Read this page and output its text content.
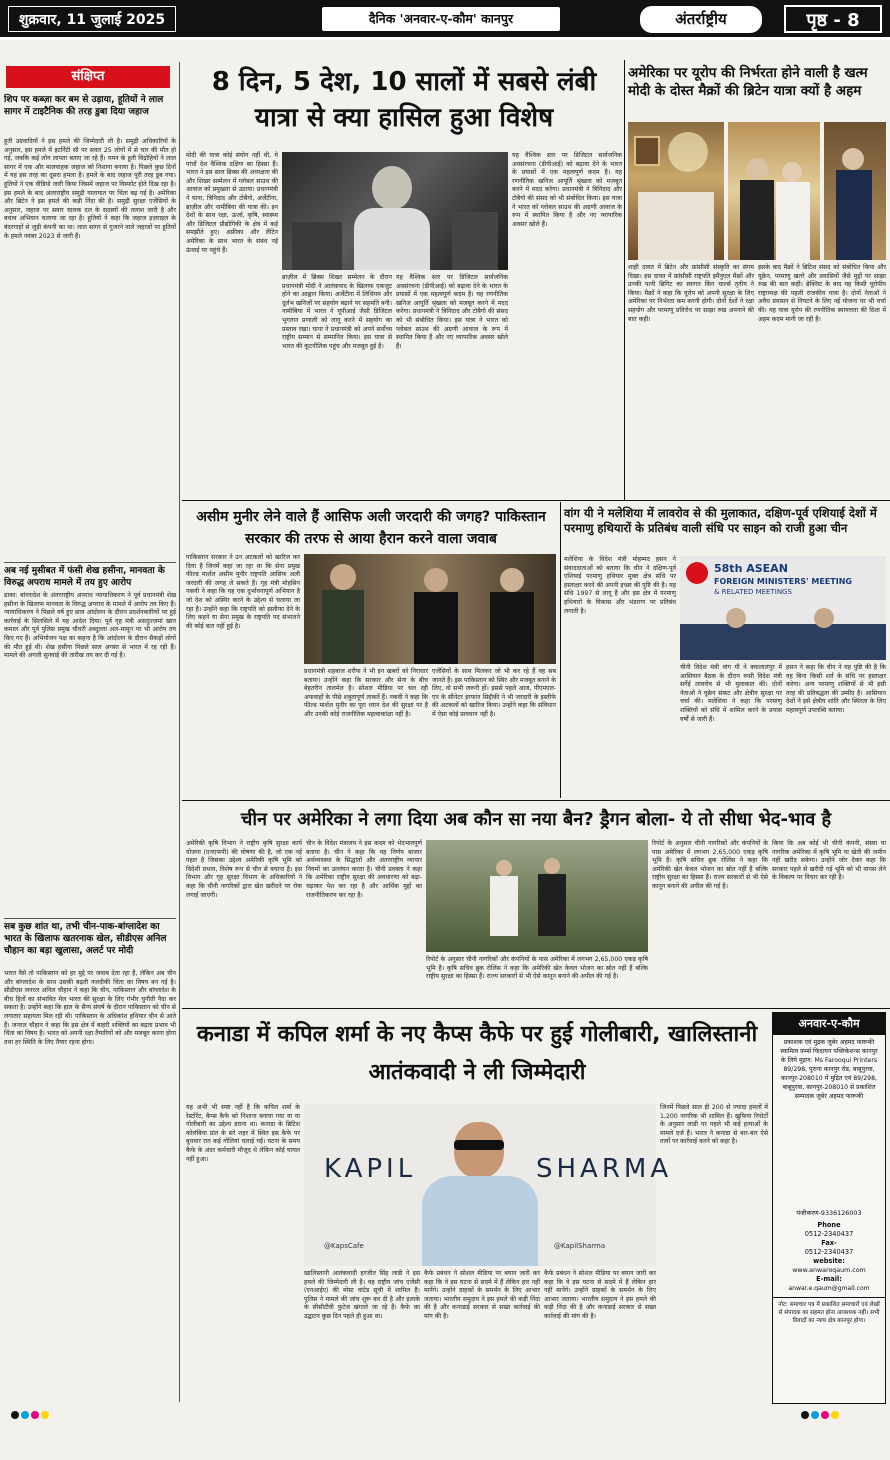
शुक्रवार, 11 जुलाई 2025	दैनिक 'अनवार-ए-कौम' कानपुर	अंतर्राष्ट्रीय	पृष्ठ - 8
संक्षिप्त
शिप पर कब्ज़ा कर बम से उड़ाया, हूतियों ने लाल सागर में टाइटैनिक की तरह डुबा दिया जहाज
हूती उग्रवादियों ने इस हमले की जिम्मेदारी ली है। समुद्री अधिकारियों के अनुसार, इस हमले में इटर्निटी सी पर सवार 25 लोगों में से चार की मौत हो गई, जबकि कई लोग लापता बताए जा रहे हैं। यमन के हूती विद्रोहियों ने लाल सागर में एक और मालवाहक जहाज को निशाना बनाया है। पिछले कुछ दिनों में यह इस तरह का दूसरा हमला है। हमले के बाद जहाज पूरी तरह डूब गया। हूतियों ने एक वीडियो जारी किया जिसमें जहाज पर विस्फोट होते दिख रहा है। इस हमले के बाद अंतरराष्ट्रीय समुद्री यातायात पर चिंता बढ़ गई है। अमेरिका और ब्रिटेन ने इस हमले की कड़ी निंदा की है। समुद्री सुरक्षा एजेंसियों के अनुसार, जहाज पर सवार चालक दल के सदस्यों की तलाश जारी है और बचाव अभियान चलाया जा रहा है। हूतियों ने कहा कि जहाज इज़राइल के बंदरगाहों से जुड़ी कंपनी का था। लाल सागर से गुजरने वाले जहाजों पर हूतियों के हमले नवंबर 2023 से जारी हैं।
अब नई मुसीबत में फंसी शेख हसीना, मानवता के विरुद्ध अपराध मामले में तय हुए आरोप
ढाका: बांग्लादेश के अंतरराष्ट्रीय अपराध न्यायाधिकरण ने पूर्व प्रधानमंत्री शेख हसीना के खिलाफ मानवता के विरुद्ध अपराध के मामले में आरोप तय किए हैं। न्यायाधिकरण ने पिछले वर्ष हुए छात्र आंदोलन के दौरान प्रदर्शनकारियों पर हुई कार्रवाई के सिलसिले में यह आदेश दिया। पूर्व गृह मंत्री असदुज्जमां खान कमाल और पूर्व पुलिस प्रमुख चौधरी अब्दुल्ला अल-मामून पर भी आरोप तय किए गए हैं। अभियोजन पक्ष का कहना है कि आंदोलन के दौरान सैकड़ों लोगों की मौत हुई थी। शेख हसीना पिछले साल अगस्त से भारत में रह रही हैं। मामले की अगली सुनवाई की तारीख तय कर दी गई है।
सब कुछ शांत था, तभी चीन-पाक-बांग्लादेश का भारत के खिलाफ खतरनाक खेल, सीडीएस अनिल चौहान का बड़ा खुलासा, अलर्ट पर मोदी
भारत वैसे तो पाकिस्तान को हर मुद्दे पर जवाब देता रहा है, लेकिन अब चीन और बांग्लादेश के साथ उसकी बढ़ती नजदीकी चिंता का विषय बन गई है। सीडीएस जनरल अनिल चौहान ने कहा कि चीन, पाकिस्तान और बांग्लादेश के बीच हितों का संभावित मेल भारत की सुरक्षा के लिए गंभीर चुनौती पैदा कर सकता है। उन्होंने कहा कि हाल के सैन्य संघर्ष के दौरान पाकिस्तान को चीन से लगातार सहायता मिल रही थी। पाकिस्तान के अधिकांश हथियार चीन से आते हैं। जनरल चौहान ने कहा कि इस क्षेत्र में बाहरी शक्तियों का बढ़ता प्रभाव भी चिंता का विषय है। भारत को अपनी रक्षा तैयारियों को और मजबूत करना होगा तथा हर स्थिति के लिए तैयार रहना होगा।
8 दिन, 5 देश, 10 सालों में सबसे लंबी यात्रा से क्या हासिल हुआ विशेष
मोदी की यात्रा कोई संयोग नहीं थी, ये पांचों देश वैश्विक दक्षिण का हिस्सा हैं। भारत ने इस साल ब्रिक्स की अध्यक्षता की और शिखर सम्मेलन में ग्लोबल साउथ की आवाज को प्रमुखता से उठाया। प्रधानमंत्री ने घाना, त्रिनिदाद और टोबैगो, अर्जेंटीना, ब्राज़ील और नामीबिया की यात्रा की। इन देशों के साथ रक्षा, ऊर्जा, कृषि, स्वास्थ्य और डिजिटल प्रौद्योगिकी के क्षेत्र में कई समझौते हुए। अफ्रीका और लैटिन अमेरिका के साथ भारत के संबंध नई ऊंचाई पर पहुंचे हैं।
ब्राज़ील में ब्रिक्स शिखर सम्मेलन के दौरान प्रधानमंत्री मोदी ने आतंकवाद के खिलाफ एकजुट होने का आह्वान किया। अर्जेंटीना में लिथियम और दुर्लभ खनिजों पर सहयोग बढ़ाने पर सहमति बनी। नामीबिया में भारत ने यूपीआई जैसी डिजिटल भुगतान प्रणाली को लागू करने में सहयोग का प्रस्ताव रखा। घाना ने प्रधानमंत्री को अपने सर्वोच्च राष्ट्रीय सम्मान से सम्मानित किया। इस यात्रा से भारत की कूटनीतिक पहुंच और मजबूत हुई है।
यह वैश्विक स्तर पर डिजिटल सार्वजनिक अवसंरचना (डीपीआई) को बढ़ावा देने के भारत के प्रयासों में एक महत्वपूर्ण कदम है। यह रणनीतिक खनिज आपूर्ति श्रृंखला को मजबूत करने में मदद करेगा। प्रधानमंत्री ने त्रिनिदाद और टोबैगो की संसद को भी संबोधित किया। इस यात्रा ने भारत को ग्लोबल साउथ की अग्रणी आवाज के रूप में स्थापित किया है और नए व्यापारिक अवसर खोले हैं।
यह वैश्विक स्तर पर डिजिटल सार्वजनिक अवसंरचना (डीपीआई) को बढ़ावा देने के भारत के प्रयासों में एक महत्वपूर्ण कदम है। यह रणनीतिक खनिज आपूर्ति श्रृंखला को मजबूत करने में मदद करेगा। प्रधानमंत्री ने त्रिनिदाद और टोबैगो की संसद को भी संबोधित किया। इस यात्रा ने भारत को ग्लोबल साउथ की अग्रणी आवाज के रूप में स्थापित किया है और नए व्यापारिक अवसर खोले हैं।
अमेरिका पर यूरोप की निर्भरता होने वाली है खत्म मोदी के दोस्त मैक्रों की ब्रिटेन यात्रा क्यों है अहम
शाही दावत में ब्रिटेन और फ्रांसीसी संस्कृति का संगम दिखा। इस दावत में फ्रांसीसी राष्ट्रपति इमैनुएल मैक्रों और उनकी पत्नी ब्रिगिट का स्वागत किंग चार्ल्स तृतीय ने किया। मैक्रों ने कहा कि यूरोप को अपनी सुरक्षा के लिए अमेरिका पर निर्भरता कम करनी होगी। दोनों देशों ने रक्षा सहयोग और परमाणु प्रतिरोध पर साझा रुख अपनाने की बात कही।
इसके बाद मैक्रों ने ब्रिटिश संसद को संबोधित किया और यूक्रेन, परमाणु खतरे और प्रवासियों जैसे मुद्दों पर साझा रुख की बात कही। ब्रेक्जिट के बाद यह किसी यूरोपीय राष्ट्राध्यक्ष की पहली राजकीय यात्रा है। दोनों नेताओं ने अवैध प्रवासन से निपटने के लिए नई योजना पर भी चर्चा की। यह यात्रा यूरोप की रणनीतिक स्वायत्तता की दिशा में अहम कदम मानी जा रही है।
असीम मुनीर लेने वाले हैं आसिफ अली जरदारी की जगह? पाकिस्तान सरकार की तरफ से आया हैरान करने वाला जवाब
पाकिस्तान सरकार ने उन अटकलों को खारिज कर दिया है जिनमें कहा जा रहा था कि सेना प्रमुख फील्ड मार्शल असीम मुनीर राष्ट्रपति आसिफ अली जरदारी की जगह ले सकते हैं। गृह मंत्री मोहसिन नकवी ने कहा कि यह एक दुर्भावनापूर्ण अभियान है जो देश को अस्थिर करने के उद्देश्य से चलाया जा रहा है। उन्होंने कहा कि राष्ट्रपति को इस्तीफा देने के लिए कहने या सेना प्रमुख के राष्ट्रपति पद संभालने की कोई बात नहीं हुई है।
प्रधानमंत्री शहबाज शरीफ ने भी इन खबरों को निराधार बताया। उन्होंने कहा कि सरकार और सेना के बीच बेहतरीन तालमेल है। सोशल मीडिया पर चल रही अफवाहों के पीछे शत्रुतापूर्ण ताकतें हैं। नकवी ने कहा कि फील्ड मार्शल मुनीर का पूरा ध्यान देश की सुरक्षा पर है और उनकी कोई राजनीतिक महत्वाकांक्षा नहीं है।
एजेंसियों के साथ मिलकर जो भी कर रहे हैं वह सब जानते हैं। इस पाकिस्तान को स्थिर और मजबूत बनाने के लिए, वो सभी जरूरी हों। इससे पहले आज, पीएमएल-एन के सीनेटर इरफान सिद्दीकी ने भी जरदारी के इस्तीफे की अटकलों को खारिज किया। उन्होंने कहा कि संविधान में ऐसा कोई प्रावधान नहीं है।
वांग यी ने मलेशिया में लावरोव से की मुलाकात, दक्षिण-पूर्व एशियाई देशों में परमाणु हथियारों के प्रतिबंध वाली संधि पर साइन को राजी हुआ चीन
58th ASEAN
FOREIGN MINISTERS' MEETING
& RELATED MEETINGS
मलेशिया के विदेश मंत्री मोहम्मद हसन ने संवाददाताओं को बताया कि चीन ने दक्षिण-पूर्व एशियाई परमाणु हथियार मुक्त क्षेत्र संधि पर हस्ताक्षर करने की अपनी इच्छा की पुष्टि की है। यह संधि 1997 से लागू है और इस क्षेत्र में परमाणु हथियारों के विकास और भंडारण पर प्रतिबंध लगाती है।
चीनी विदेश मंत्री वांग यी ने क्वालालंपुर में आसियान बैठक के दौरान रूसी विदेश मंत्री सर्गेई लावरोव से भी मुलाकात की। दोनों नेताओं ने यूक्रेन संकट और क्षेत्रीय सुरक्षा पर चर्चा की। मलेशिया ने कहा कि परमाणु शक्तियों को संधि में शामिल करने के प्रयास वर्षों से जारी हैं।
हसन ने कहा कि चीन ने यह पुष्टि की है कि वह बिना किसी शर्त के संधि पर हस्ताक्षर करेगा। अन्य परमाणु शक्तियों से भी इसी तरह की प्रतिबद्धता की उम्मीद है। आसियान देशों ने इसे क्षेत्रीय शांति और स्थिरता के लिए महत्वपूर्ण उपलब्धि बताया।
चीन पर अमेरिका ने लगा दिया अब कौन सा नया बैन? ड्रैगन बोला- ये तो सीधा भेद-भाव है
अमेरिकी कृषि विभाग ने राष्ट्रीय कृषि सुरक्षा कार्य योजना (एनएफपी) की घोषणा की है, जो एक नई पहल है जिसका उद्देश्य अमेरिकी कृषि भूमि को विदेशी प्रभाव, विशेष रूप से चीन से बचाना है। इस विभाग और गृह सुरक्षा विभाग के अधिकारियों ने कहा कि चीनी नागरिकों द्वारा खेत खरीदने पर रोक लगाई जाएगी।
चीन के विदेश मंत्रालय ने इस कदम को भेदभावपूर्ण बताया है। चीन ने कहा कि यह निर्णय बाजार अर्थव्यवस्था के सिद्धांतों और अंतरराष्ट्रीय व्यापार नियमों का उल्लंघन करता है। चीनी प्रवक्ता ने कहा कि अमेरिका राष्ट्रीय सुरक्षा की अवधारणा को बढ़ा-चढ़ाकर पेश कर रहा है और आर्थिक मुद्दों का राजनीतिकरण कर रहा है।
रिपोर्ट के अनुसार चीनी नागरिकों और कंपनियों के पास अमेरिका में लगभग 2,65,000 एकड़ कृषि भूमि है। कृषि सचिव ब्रुक रोलिंस ने कहा कि अमेरिकी खेत केवल भोजन का स्रोत नहीं हैं बल्कि राष्ट्रीय सुरक्षा का हिस्सा हैं। राज्य सरकारों से भी ऐसे कानून बनाने की अपील की गई है।
रिपोर्ट के अनुसार चीनी नागरिकों और कंपनियों के पास अमेरिका में लगभग 2,65,000 एकड़ कृषि भूमि है। कृषि सचिव ब्रुक रोलिंस ने कहा कि अमेरिकी खेत केवल भोजन का स्रोत नहीं हैं बल्कि राष्ट्रीय सुरक्षा का हिस्सा हैं। राज्य सरकारों से भी ऐसे कानून बनाने की अपील की गई है।
किया कि अब कोई भी चीनी कंपनी, संस्था या नागरिक अमेरिका में कृषि भूमि या खेती की जमीन नहीं खरीद सकेगा। उन्होंने जोर देकर कहा कि सरकार पहले से खरीदी गई भूमि को भी वापस लेने के विकल्प पर विचार कर रही है।
कनाडा में कपिल शर्मा के नए कैप्स कैफे पर हुई गोलीबारी, खालिस्तानी आतंकवादी ने ली जिम्मेदारी
KAPIL	SHARMA
@KapsCafe	@KapilSharma
यह अभी भी स्पष्ट नहीं है कि कपिल शर्मा के रेस्टोरेंट, कैप्स कैफे को निशाना बनाया गया या या गोलीबारी का उद्देश्य डराना था। कनाडा के ब्रिटिश कोलंबिया प्रांत के सरे शहर में स्थित इस कैफे पर बुधवार रात कई गोलियां चलाई गईं। घटना के समय कैफे के अंदर कर्मचारी मौजूद थे लेकिन कोई घायल नहीं हुआ।
खालिस्तानी आतंकवादी हरजीत सिंह लाडी ने इस हमले की जिम्मेदारी ली है। वह राष्ट्रीय जांच एजेंसी (एनआईए) की मोस्ट वांटेड सूची में शामिल है। पुलिस ने मामले की जांच शुरू कर दी है और इलाके के सीसीटीवी फुटेज खंगाले जा रहे हैं। कैफे का उद्घाटन कुछ दिन पहले ही हुआ था।
कैफे प्रबंधन ने सोशल मीडिया पर बयान जारी कर कहा कि वे इस घटना से सदमे में हैं लेकिन हार नहीं मानेंगे। उन्होंने ग्राहकों के समर्थन के लिए आभार जताया। भारतीय समुदाय ने इस हमले की कड़ी निंदा की है और कनाडाई सरकार से सख्त कार्रवाई की मांग की है।
कैफे प्रबंधन ने सोशल मीडिया पर बयान जारी कर कहा कि वे इस घटना से सदमे में हैं लेकिन हार नहीं मानेंगे। उन्होंने ग्राहकों के समर्थन के लिए आभार जताया। भारतीय समुदाय ने इस हमले की कड़ी निंदा की है और कनाडाई सरकार से सख्त कार्रवाई की मांग की है।
जिनमें पिछले साल ही 200 से ज्यादा हमलों में 1,200 नागरिक भी शामिल हैं। खुफिया रिपोर्टों के अनुसार लाडी पर पहले भी कई हत्याओं के मामले दर्ज हैं। भारत ने कनाडा से बार-बार ऐसे तत्वों पर कार्रवाई करने को कहा है।
अनवार-ए-कौम
प्रकाशक एवं मुद्रक जुबेर अहमद फारूकी स्वामित्व फ़र्म्स फिदायन पब्लिकेशन्स कानपुर के लिये मुद्रण: Ms Farooqui Printers 89/298, पुराना कानपुर रोड, बाबूपुरवा, कानपुर-208010 में मुद्रित एवं 89/298, बाबूपुरवा, कानपुर-208010 से प्रकाशित सम्पादक जुबेर अहमद फारूकी
पंजीकरण-9336126003
Phone
0512-2340437
Fax-
0512-2340437
website:
www.anwaroqaum.com
E-mail:
anwar.e.qaum@gmail.com
नोट: समाचार पत्र में प्रकाशित समाचारों एवं लेखों से संपादक का सहमत होना आवश्यक नहीं। सभी विवादों का न्याय क्षेत्र कानपुर होगा।
